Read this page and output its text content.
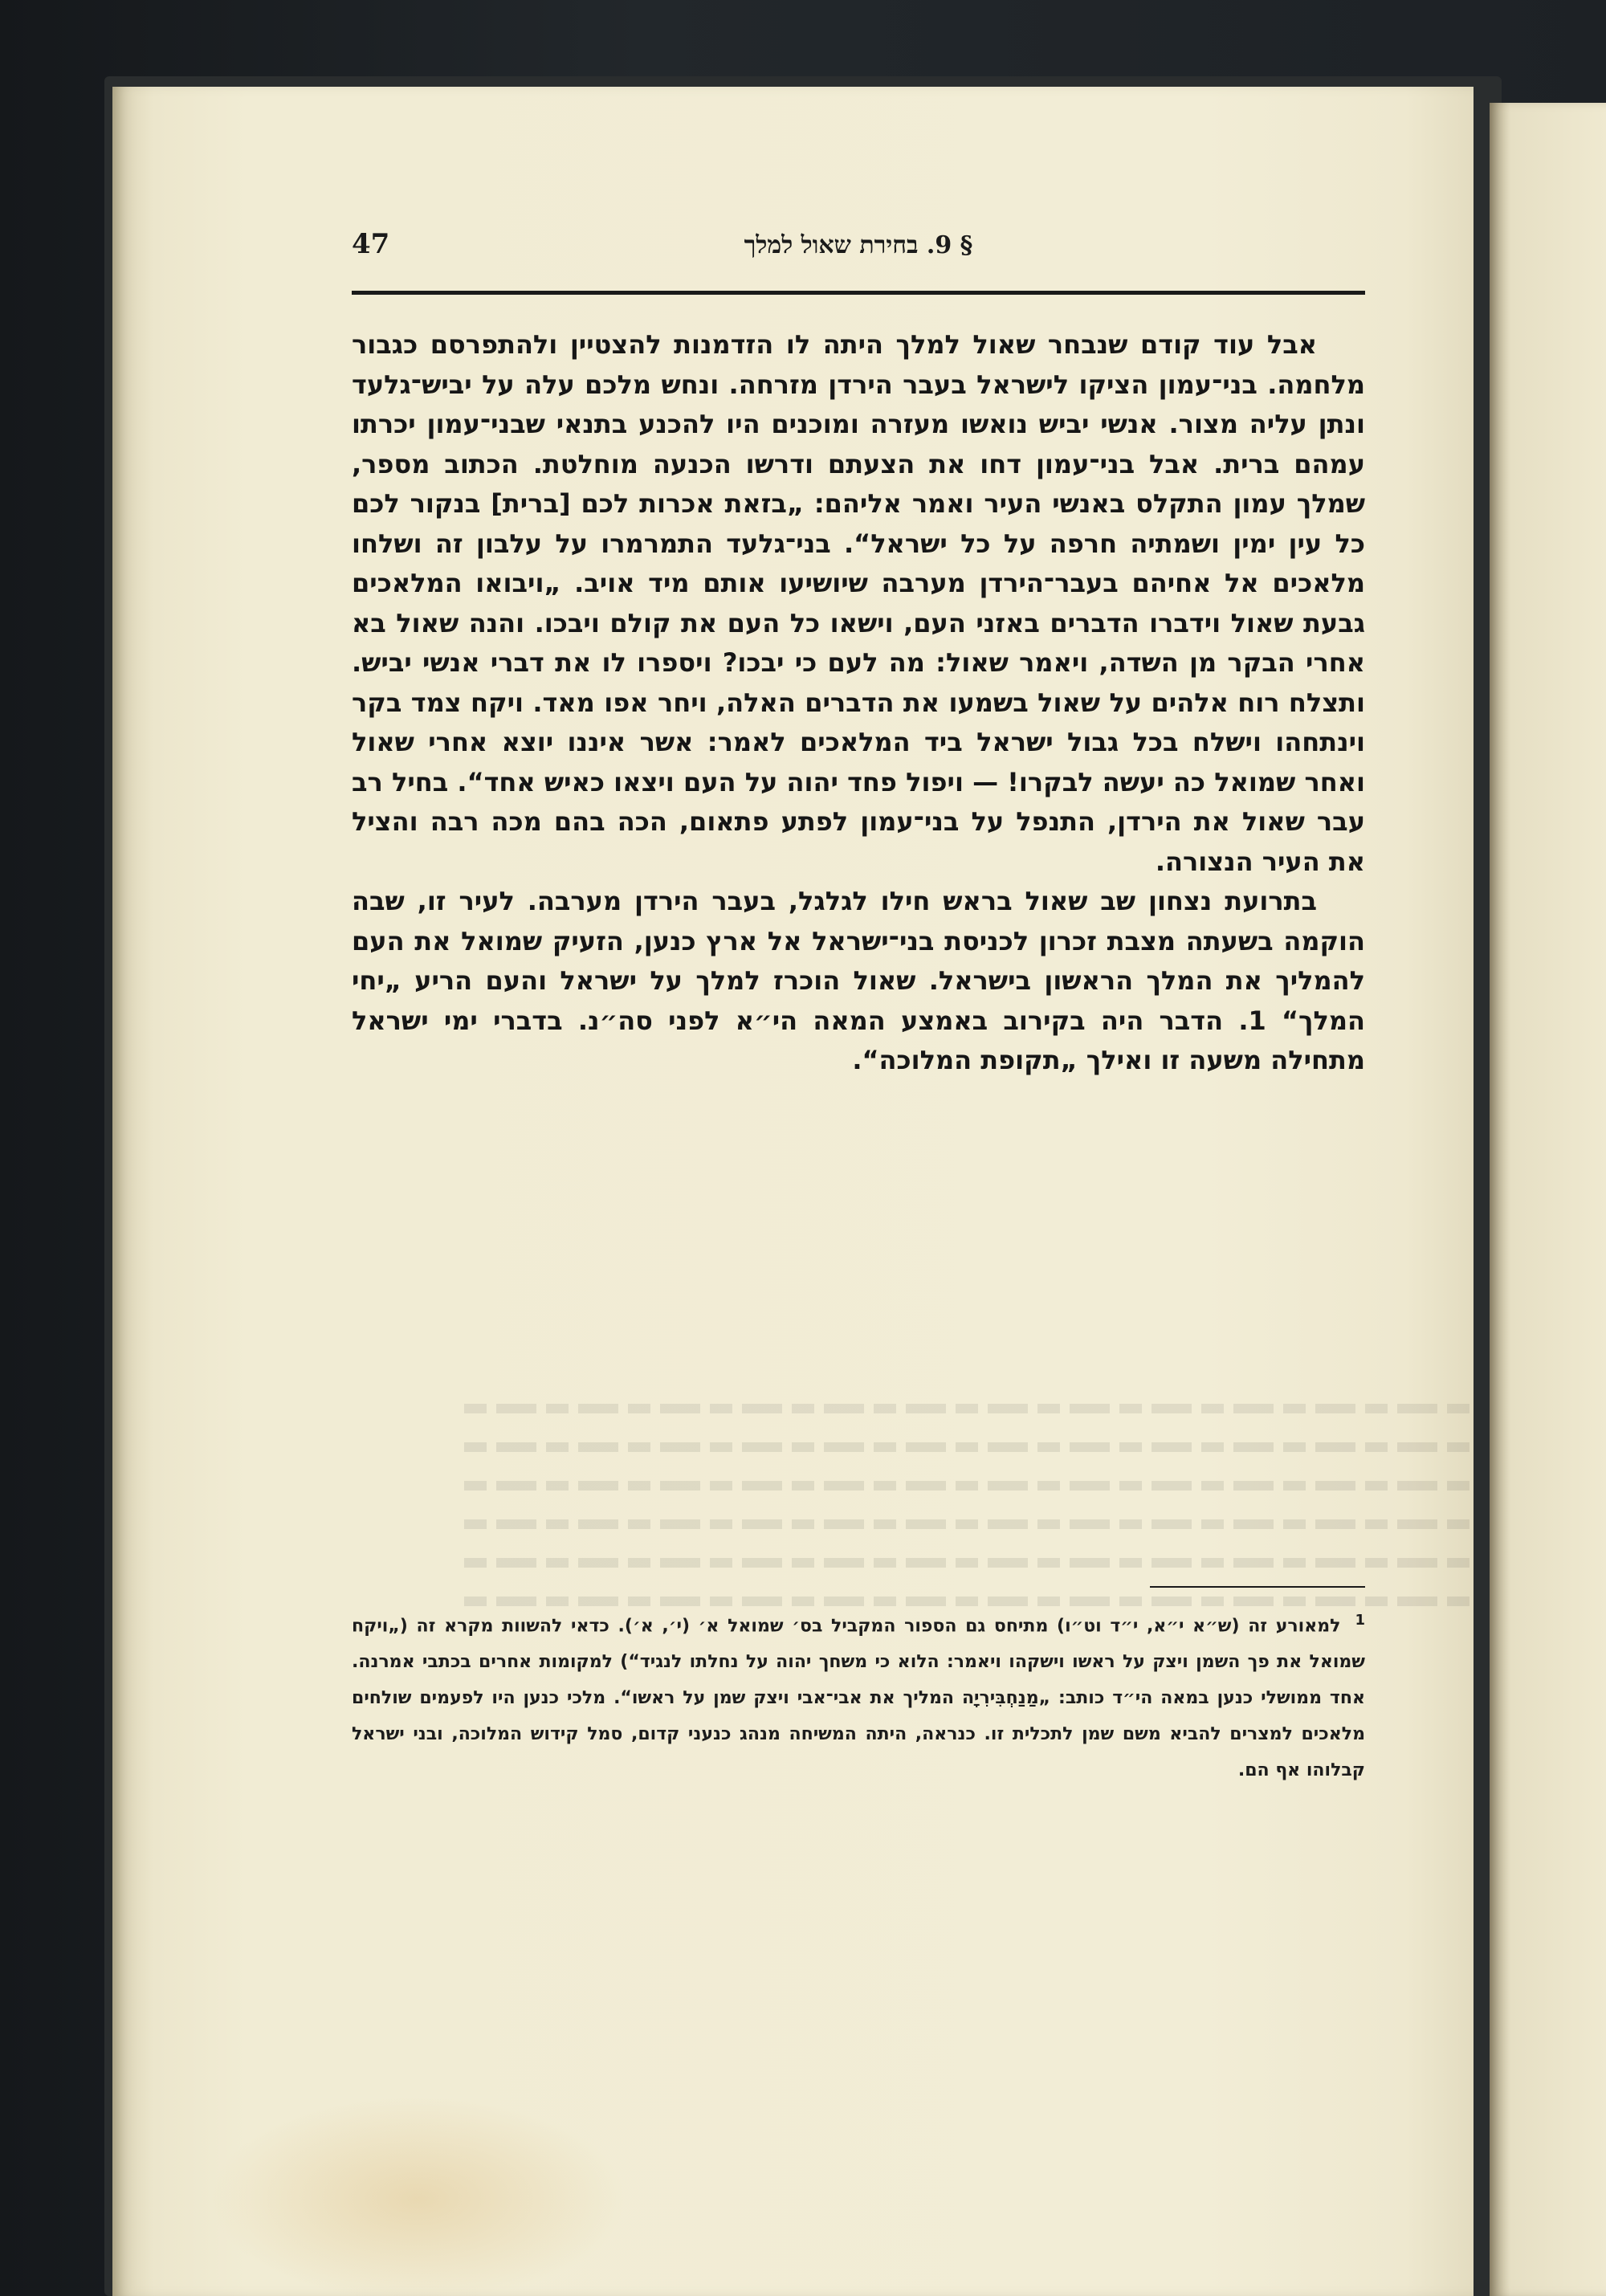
§ 9. בחירת שאול למלך
47

אבל עוד קודם שנבחר שאול למלך היתה לו הזדמנות להצטיין ולהתפרסם כגבור מלחמה. בני־עמון הציקו לישראל בעבר הירדן מזרחה. ונחש מלכם עלה על יביש־גלעד ונתן עליה מצור. אנשי יביש נואשו מעזרה ומוכנים היו להכנע בתנאי שבני־עמון יכרתו עמהם ברית. אבל בני־עמון דחו את הצעתם ודרשו הכנעה מוחלטת. הכתוב מספר, שמלך עמון התקלס באנשי העיר ואמר אליהם: „בזאת אכרות לכם [ברית] בנקור לכם כל עין ימין ושמתיה חרפה על כל ישראל“. בני־גלעד התמרמרו על עלבון זה ושלחו מלאכים אל אחיהם בעבר־הירדן מערבה שיושיעו אותם מיד אויב. „ויבואו המלאכים גבעת שאול וידברו הדברים באזני העם, וישאו כל העם את קולם ויבכו. והנה שאול בא אחרי הבקר מן השדה, ויאמר שאול: מה לעם כי יבכו? ויספרו לו את דברי אנשי יביש. ותצלח רוח אלהים על שאול בשמעו את הדברים האלה, ויחר אפו מאד. ויקח צמד בקר וינתחהו וישלח בכל גבול ישראל ביד המלאכים לאמר: אשר איננו יוצא אחרי שאול ואחר שמואל כה יעשה לבקרו! — ויפול פחד יהוה על העם ויצאו כאיש אחד“. בחיל רב עבר שאול את הירדן, התנפל על בני־עמון לפתע פתאום, הכה בהם מכה רבה והציל את העיר הנצורה.

בתרועת נצחון שב שאול בראש חילו לגלגל, בעבר הירדן מערבה. לעיר זו, שבה הוקמה בשעתה מצבת זכרון לכניסת בני־ישראל אל ארץ כנען, הזעיק שמואל את העם להמליך את המלך הראשון בישראל. שאול הוכרז למלך על ישראל והעם הריע „יחי המלך“ 1. הדבר היה בקירוב באמצע המאה הי״א לפני סה״נ. בדברי ימי ישראל מתחילה משעה זו ואילך „תקופת המלוכה“.

$^1$למאורע זה (ש״א י״א, י״ד וט״ו) מתיחס גם הספור המקביל בס׳ שמואל א׳ (י׳, א׳). כדאי להשוות מקרא זה („ויקח שמואל את פך השמן ויצק על ראשו וישקהו ויאמר: הלוא כי משחך יהוה על נחלתו לנגיד“) למקומות אחרים בכתבי אמרנה. אחד ממושלי כנען במאה הי״ד כותב: „מַנַחְבִּירִיָה המליך את אבי־אבי ויצק שמן על ראשו“. מלכי כנען היו לפעמים שולחים מלאכים למצרים להביא משם שמן לתכלית זו. כנראה, היתה המשיחה מנהג כנעני קדום, סמל קידוש המלוכה, ובני ישראל קבלוהו אף הם.
